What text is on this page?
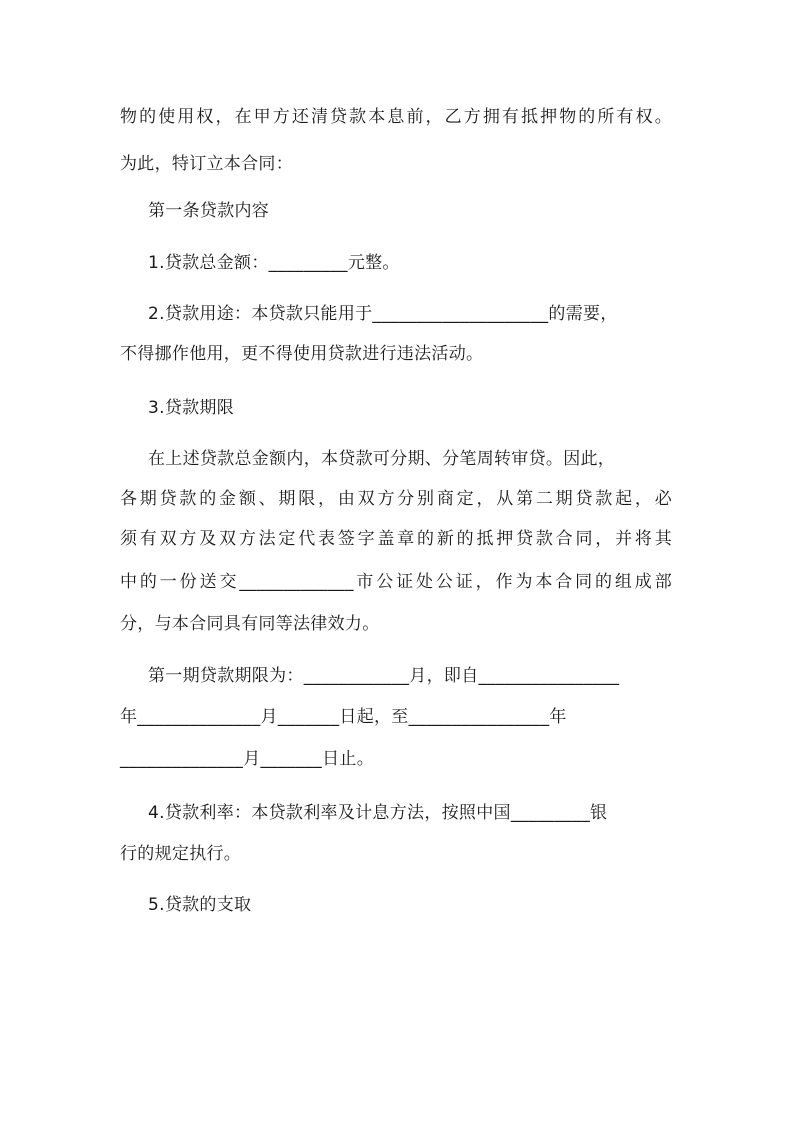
物的使用权，在甲方还清贷款本息前，乙方拥有抵押物的所有权。
为此，特订立本合同：
第一条贷款内容
1.贷款总金额：_________元整。
2.贷款用途：本贷款只能用于____________________的需要，
不得挪作他用，更不得使用贷款进行违法活动。
3.贷款期限
在上述贷款总金额内，本贷款可分期、分笔周转审贷。因此，
各期贷款的金额、期限，由双方分别商定，从第二期贷款起，必
须有双方及双方法定代表签字盖章的新的抵押贷款合同，并将其
中的一份送交_____________市公证处公证，作为本合同的组成部
分，与本合同具有同等法律效力。
第一期贷款期限为：____________月，即自________________
年______________月_______日起，至________________年
______________月_______日止。
4.贷款利率：本贷款利率及计息方法，按照中国_________银
行的规定执行。
5.贷款的支取
